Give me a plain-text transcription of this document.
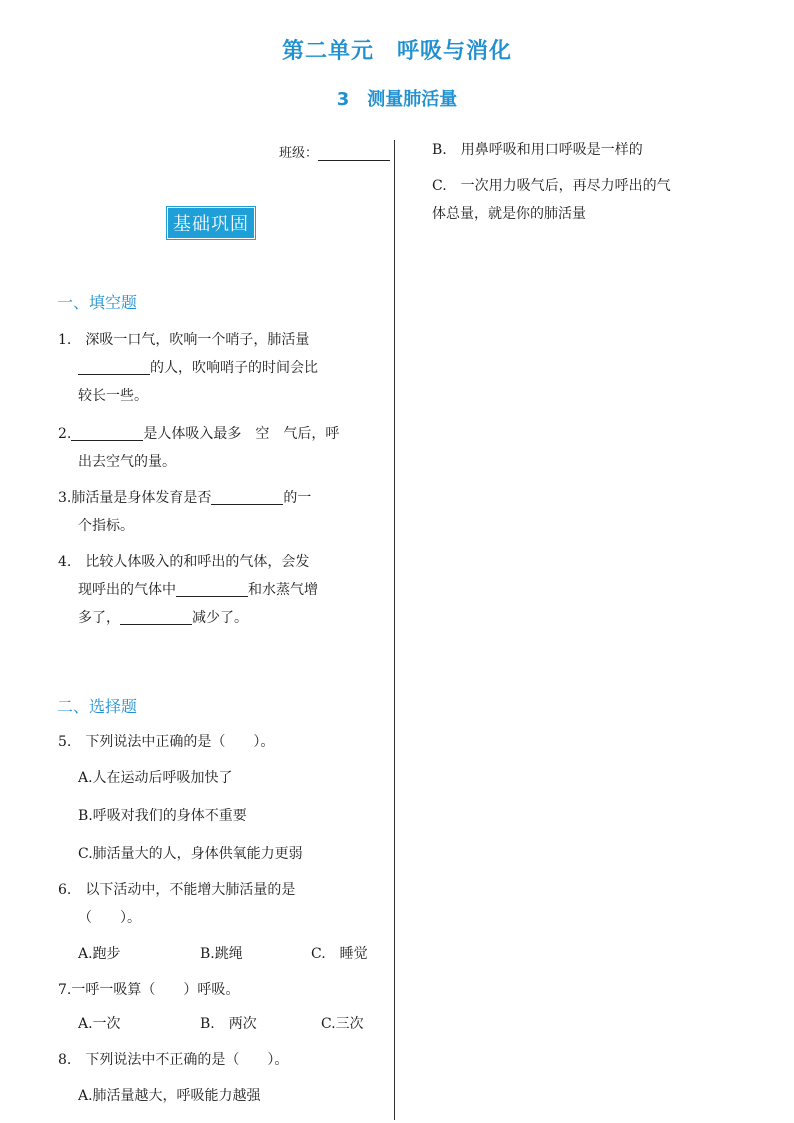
第二单元　呼吸与消化
3　测量肺活量
班级：
基础巩固
一、填空题
1.　深吸一口气，吹响一个哨子，肺活量
的人，吹响哨子的时间会比
较长一些。
2.	是人体吸入最多　空　气后，呼
出去空气的量。
3.肺活量是身体发育是否	的一
个指标。
4.　比较人体吸入的和呼出的气体，会发
现呼出的气体中	和水蒸气增
多了，	减少了。
二、选择题
5.　下列说法中正确的是（　　）。
A.人在运动后呼吸加快了
B.呼吸对我们的身体不重要
C.肺活量大的人，身体供氧能力更弱
6.　以下活动中，不能增大肺活量的是
（　　）。
A.跑步	B.跳绳	C.　睡觉
7.一呼一吸算（　　）呼吸。
A.一次	B.　两次	C.三次
8.　下列说法中不正确的是（　　）。
A.肺活量越大，呼吸能力越强
B.　用鼻呼吸和用口呼吸是一样的
C.　一次用力吸气后，再尽力呼出的气
体总量，就是你的肺活量
